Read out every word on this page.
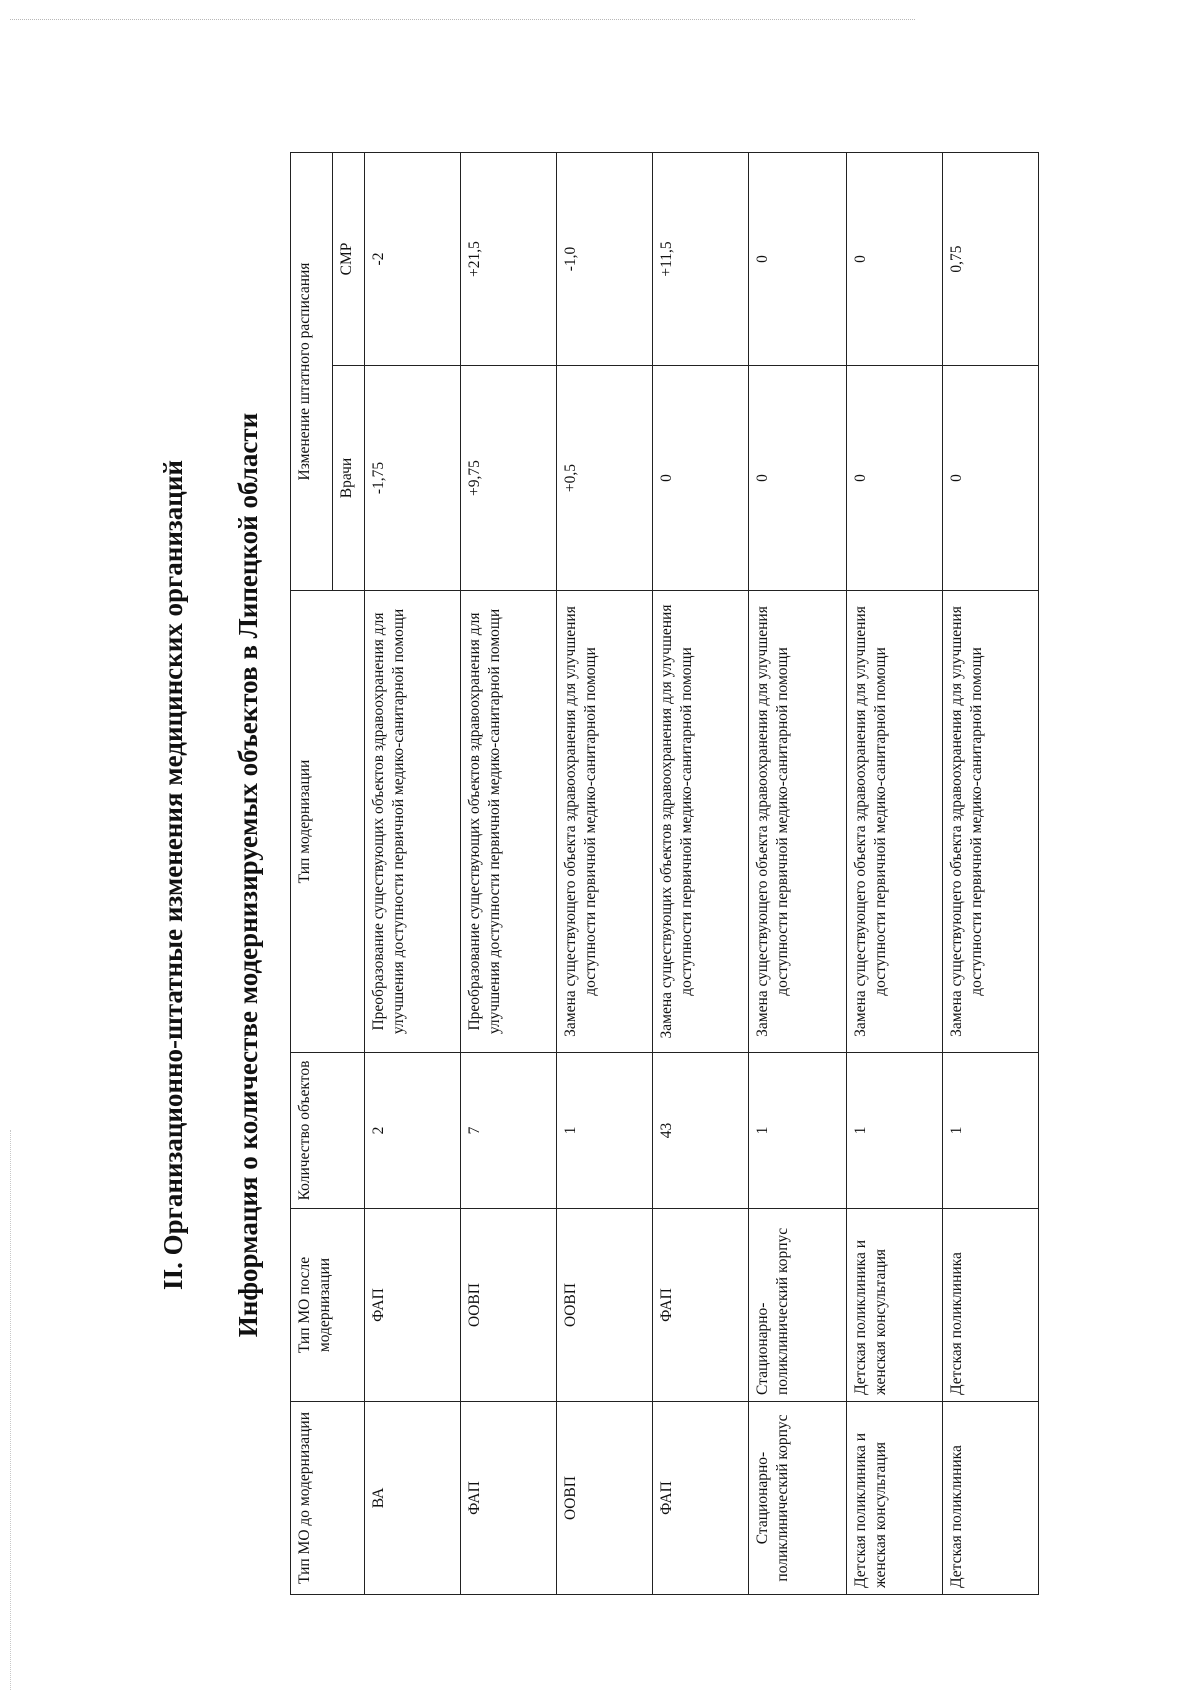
II. Организационно-штатные изменения медицинских организаций Информация о количестве модернизируемых объектов в Липецкой области
Тип МО до модернизации	Тип МО после модернизации	Количество объектов	Тип модернизации	Изменение штатного расписания	
				Врачи	СМР
ВА	ФАП	2	Преобразование существующих объектов здравоохранения для улучшения доступности первичной медико-санитарной помощи	-1,75	-2
ФАП	ООВП	7	Преобразование существующих объектов здравоохранения для улучшения доступности первичной медико-санитарной помощи	+9,75	+21,5
ООВП	ООВП	1	Замена существующего объекта здравоохранения для улучшения доступности первичной медико-санитарной помощи	+0,5	-1,0
ФАП	ФАП	43	Замена существующих объектов здравоохранения для улучшения доступности первичной медико-санитарной помощи	0	+11,5
Стационарно-поликлинический корпус	Стационарно-поликлинический корпус	1	Замена существующего объекта здравоохранения для улучшения доступности первичной медико-санитарной помощи	0	0
Детская поликлиника и женская консультация	Детская поликлиника и женская консультация	1	Замена существующего объекта здравоохранения для улучшения доступности первичной медико-санитарной помощи	0	0
Детская поликлиника	Детская поликлиника	1	Замена существующего объекта здравоохранения для улучшения доступности первичной медико-санитарной помощи	0	0,75
